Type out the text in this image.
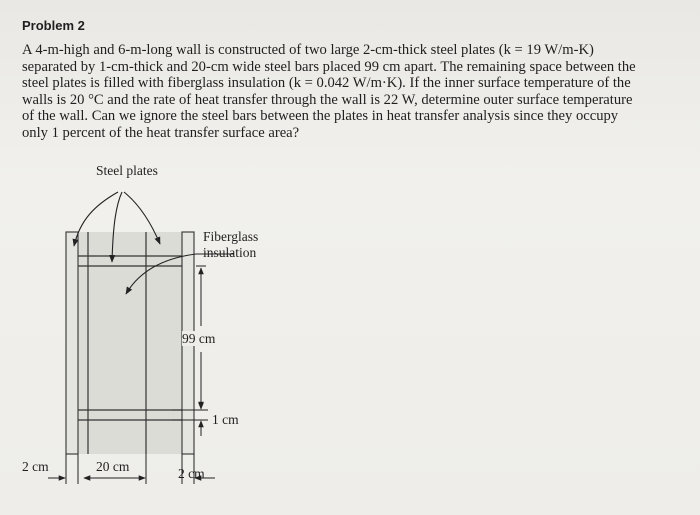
Problem 2
A 4-m-high and 6-m-long wall is constructed of two large 2-cm-thick steel plates (k = 19 W/m-K)
separated by 1-cm-thick and 20-cm wide steel bars placed 99 cm apart. The remaining space between the
steel plates is filled with fiberglass insulation (k = 0.042 W/m·K). If the inner surface temperature of the
walls is 20 °C and the rate of heat transfer through the wall is 22 W, determine outer surface temperature
of the wall. Can we ignore the steel bars between the plates in heat transfer analysis since they occupy
only 1 percent of the heat transfer surface area?
Steel plates
Fiberglass
insulation
99 cm
1 cm
2 cm	20 cm	2 cm
